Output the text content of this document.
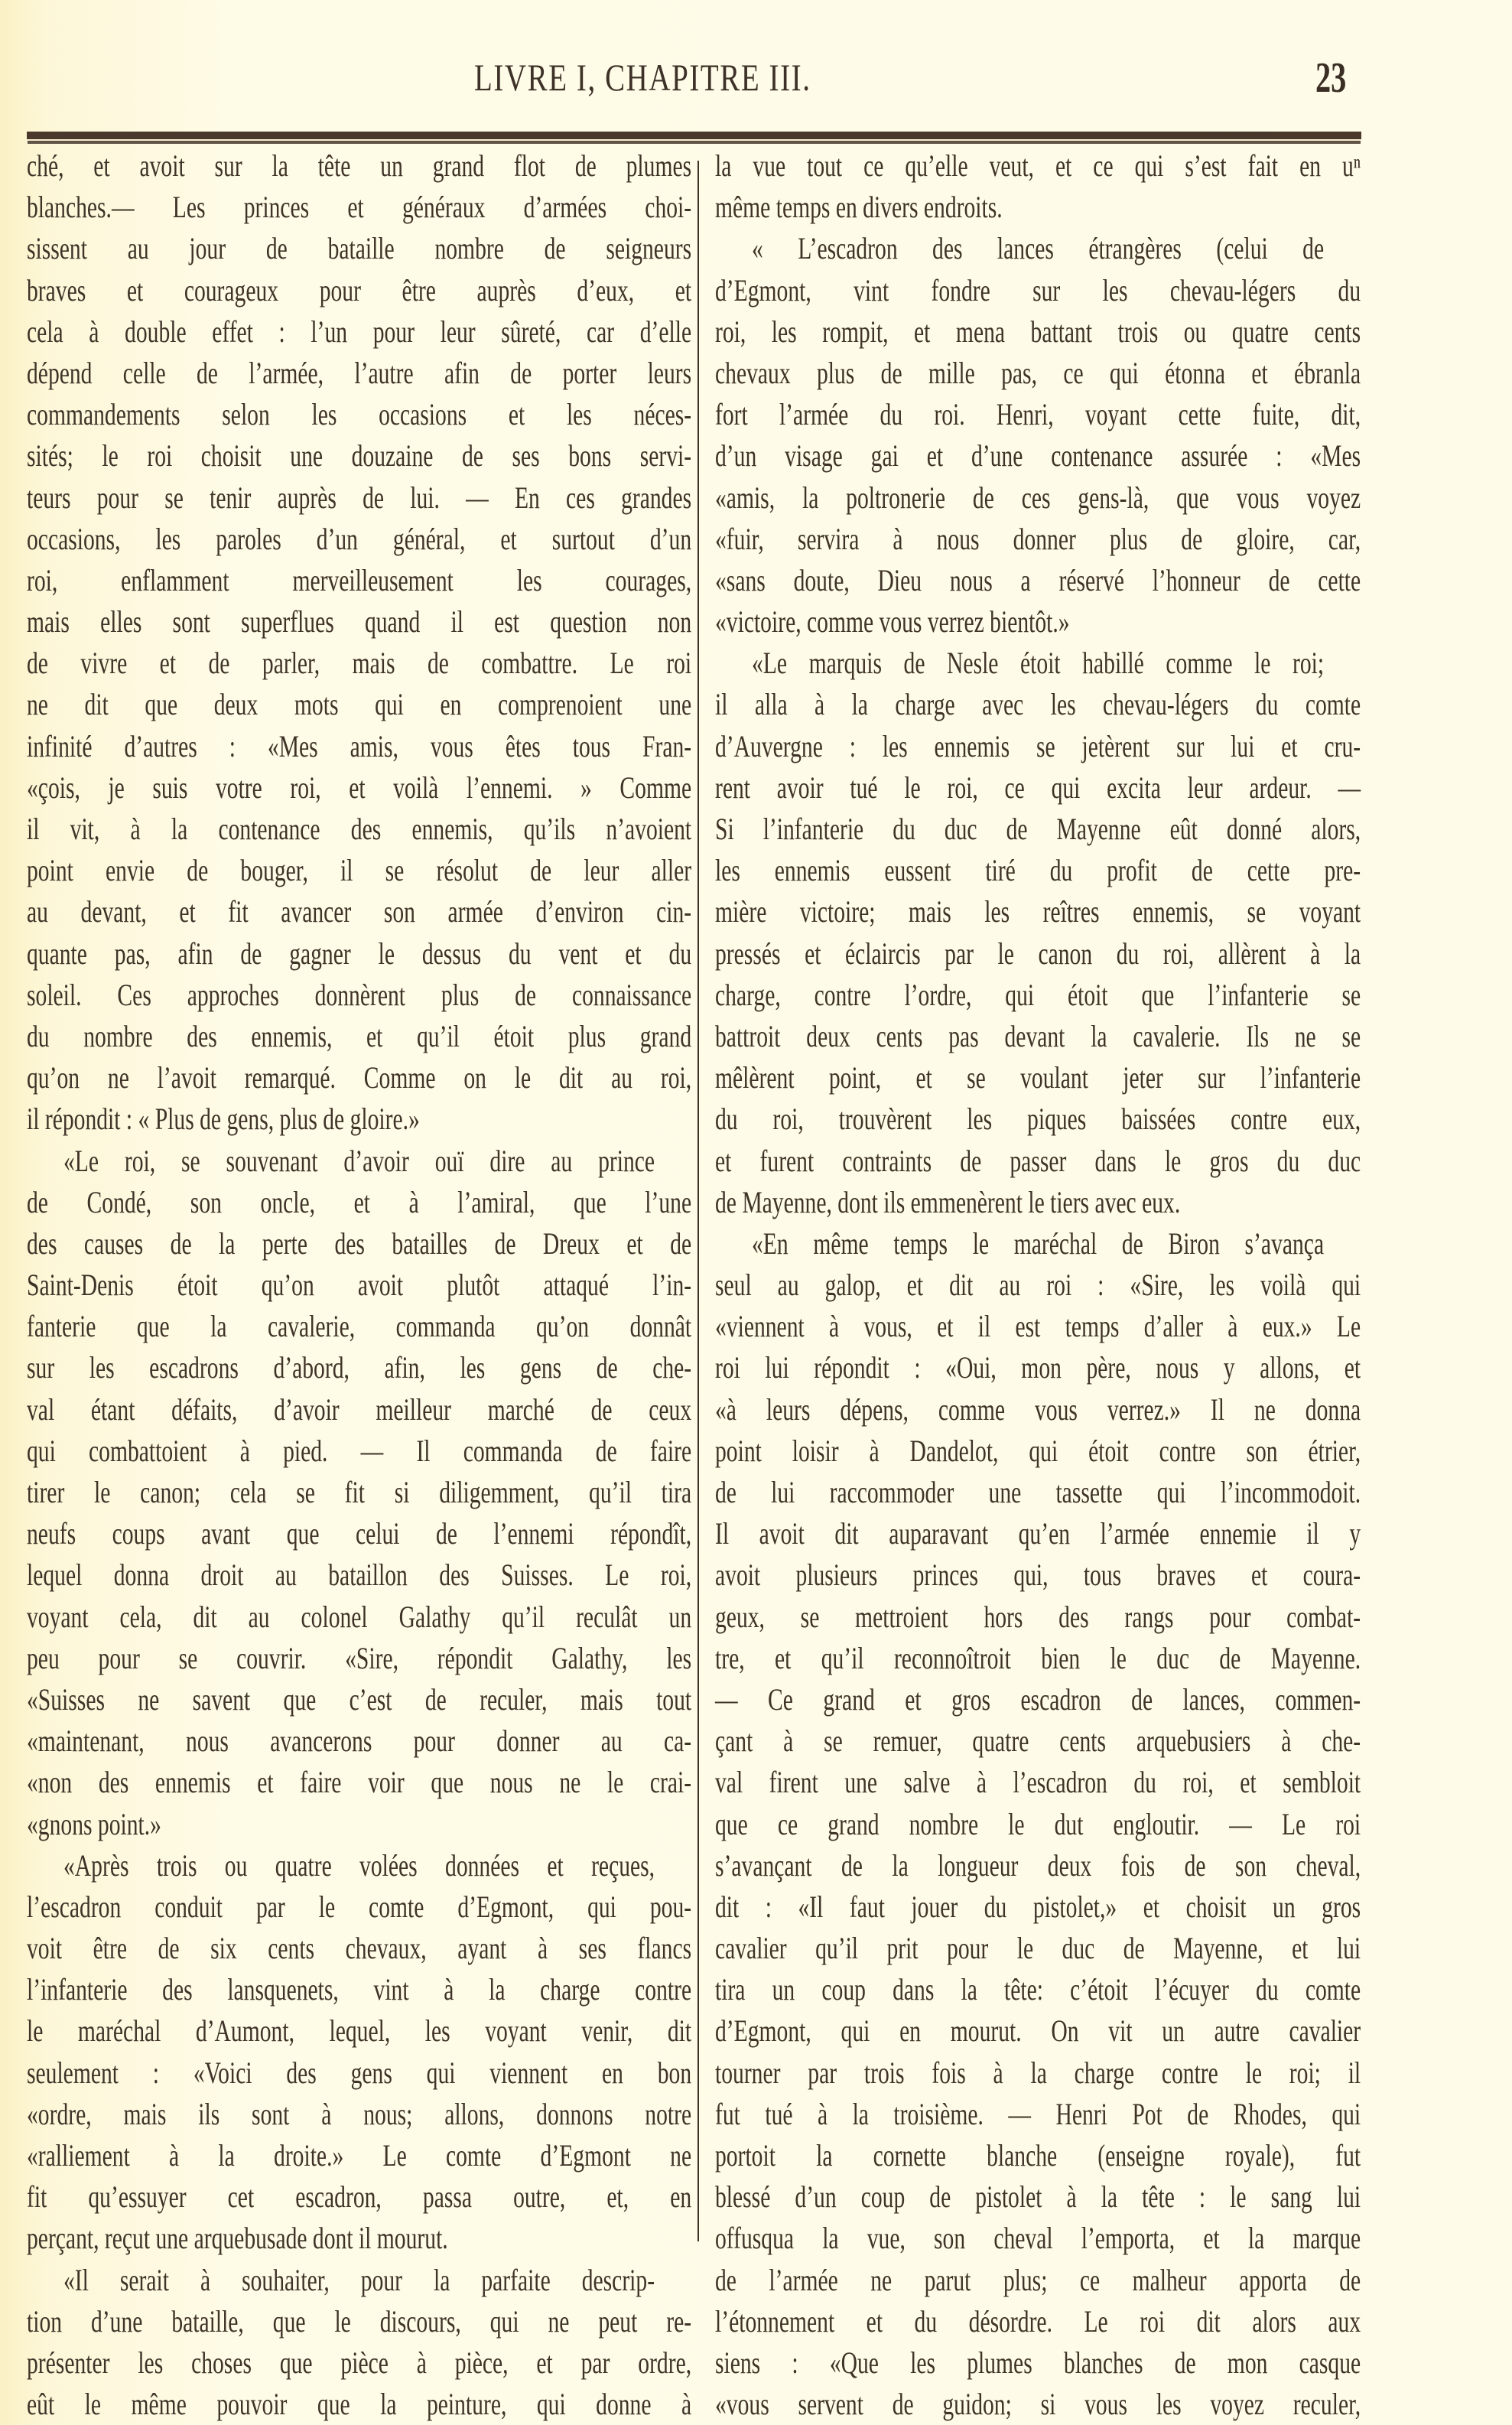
LIVRE I, CHAPITRE III.	23
ché, et avoit sur la tête un grand flot de plumes
blanches.— Les princes et généraux d’armées choi-
sissent au jour de bataille nombre de seigneurs
braves et courageux pour être auprès d’eux, et
cela à double effet : l’un pour leur sûreté, car d’elle
dépend celle de l’armée, l’autre afin de porter leurs
commandements selon les occasions et les néces-
sités; le roi choisit une douzaine de ses bons servi-
teurs pour se tenir auprès de lui. — En ces grandes
occasions, les paroles d’un général, et surtout d’un
roi, enflamment merveilleusement les courages,
mais elles sont superflues quand il est question non
de vivre et de parler, mais de combattre. Le roi
ne dit que deux mots qui en comprenoient une
infinité d’autres : «Mes amis, vous êtes tous Fran-
«çois, je suis votre roi, et voilà l’ennemi. » Comme
il vit, à la contenance des ennemis, qu’ils n’avoient
point envie de bouger, il se résolut de leur aller
au devant, et fit avancer son armée d’environ cin-
quante pas, afin de gagner le dessus du vent et du
soleil. Ces approches donnèrent plus de connaissance
du nombre des ennemis, et qu’il étoit plus grand
qu’on ne l’avoit remarqué. Comme on le dit au roi,
il répondit : « Plus de gens, plus de gloire.»
«Le roi, se souvenant d’avoir ouï dire au prince
de Condé, son oncle, et à l’amiral, que l’une
des causes de la perte des batailles de Dreux et de
Saint-Denis étoit qu’on avoit plutôt attaqué l’in-
fanterie que la cavalerie, commanda qu’on donnât
sur les escadrons d’abord, afin, les gens de che-
val étant défaits, d’avoir meilleur marché de ceux
qui combattoient à pied. — Il commanda de faire
tirer le canon; cela se fit si diligemment, qu’il tira
neufs coups avant que celui de l’ennemi répondît,
lequel donna droit au bataillon des Suisses. Le roi,
voyant cela, dit au colonel Galathy qu’il reculât un
peu pour se couvrir. «Sire, répondit Galathy, les
«Suisses ne savent que c’est de reculer, mais tout
«maintenant, nous avancerons pour donner au ca-
«non des ennemis et faire voir que nous ne le crai-
«gnons point.»
«Après trois ou quatre volées données et reçues,
l’escadron conduit par le comte d’Egmont, qui pou-
voit être de six cents chevaux, ayant à ses flancs
l’infanterie des lansquenets, vint à la charge contre
le maréchal d’Aumont, lequel, les voyant venir, dit
seulement : «Voici des gens qui viennent en bon
«ordre, mais ils sont à nous; allons, donnons notre
«ralliement à la droite.» Le comte d’Egmont ne
fit qu’essuyer cet escadron, passa outre, et, en
perçant, reçut une arquebusade dont il mourut.
«Il serait à souhaiter, pour la parfaite descrip-
tion d’une bataille, que le discours, qui ne peut re-
présenter les choses que pièce à pièce, et par ordre,
eût le même pouvoir que la peinture, qui donne à
la vue tout ce qu’elle veut, et ce qui s’est fait en uⁿ
même temps en divers endroits.
« L’escadron des lances étrangères (celui de
d’Egmont, vint fondre sur les chevau-légers du
roi, les rompit, et mena battant trois ou quatre cents
chevaux plus de mille pas, ce qui étonna et ébranla
fort l’armée du roi. Henri, voyant cette fuite, dit,
d’un visage gai et d’une contenance assurée : «Mes
«amis, la poltronerie de ces gens-là, que vous voyez
«fuir, servira à nous donner plus de gloire, car,
«sans doute, Dieu nous a réservé l’honneur de cette
«victoire, comme vous verrez bientôt.»
«Le marquis de Nesle étoit habillé comme le roi;
il alla à la charge avec les chevau-légers du comte
d’Auvergne : les ennemis se jetèrent sur lui et cru-
rent avoir tué le roi, ce qui excita leur ardeur. —
Si l’infanterie du duc de Mayenne eût donné alors,
les ennemis eussent tiré du profit de cette pre-
mière victoire; mais les reîtres ennemis, se voyant
pressés et éclaircis par le canon du roi, allèrent à la
charge, contre l’ordre, qui étoit que l’infanterie se
battroit deux cents pas devant la cavalerie. Ils ne se
mêlèrent point, et se voulant jeter sur l’infanterie
du roi, trouvèrent les piques baissées contre eux,
et furent contraints de passer dans le gros du duc
de Mayenne, dont ils emmenèrent le tiers avec eux.
«En même temps le maréchal de Biron s’avança
seul au galop, et dit au roi : «Sire, les voilà qui
«viennent à vous, et il est temps d’aller à eux.» Le
roi lui répondit : «Oui, mon père, nous y allons, et
«à leurs dépens, comme vous verrez.» Il ne donna
point loisir à Dandelot, qui étoit contre son étrier,
de lui raccommoder une tassette qui l’incommodoit.
Il avoit dit auparavant qu’en l’armée ennemie il y
avoit plusieurs princes qui, tous braves et coura-
geux, se mettroient hors des rangs pour combat-
tre, et qu’il reconnoîtroit bien le duc de Mayenne.
— Ce grand et gros escadron de lances, commen-
çant à se remuer, quatre cents arquebusiers à che-
val firent une salve à l’escadron du roi, et sembloit
que ce grand nombre le dut engloutir. — Le roi
s’avançant de la longueur deux fois de son cheval,
dit : «Il faut jouer du pistolet,» et choisit un gros
cavalier qu’il prit pour le duc de Mayenne, et lui
tira un coup dans la tête: c’étoit l’écuyer du comte
d’Egmont, qui en mourut. On vit un autre cavalier
tourner par trois fois à la charge contre le roi; il
fut tué à la troisième. — Henri Pot de Rhodes, qui
portoit la cornette blanche (enseigne royale), fut
blessé d’un coup de pistolet à la tête : le sang lui
offusqua la vue, son cheval l’emporta, et la marque
de l’armée ne parut plus; ce malheur apporta de
l’étonnement et du désordre. Le roi dit alors aux
siens : «Que les plumes blanches de mon casque
«vous servent de guidon; si vous les voyez reculer,
